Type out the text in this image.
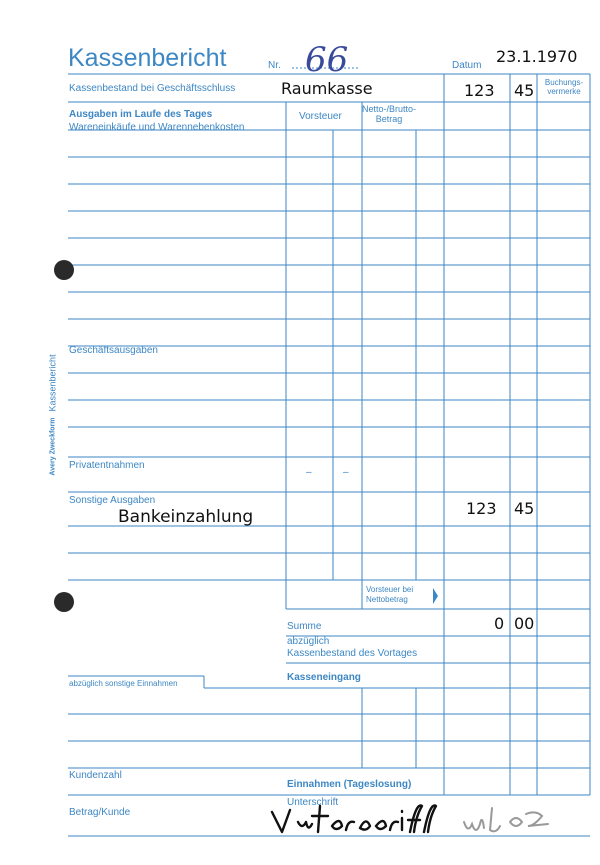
Kassenbericht	Nr. 66	Datum 23.1.1970
Kassenbestand bei Geschäftsschluss	Raumkasse	123 45	Buchungs-
vermerke
Ausgaben im Laufe des Tages
Wareneinkäufe und Warennebenkosten
Vorsteuer
Netto-/Brutto-
Betrag
Geschäftsausgaben
Privatentnahmen
–	–
Sonstige Ausgaben
Bankeinzahlung	123 45
Vorsteuer bei
Nettobetrag
Summe	0 00
abzüglich
Kassenbestand des Vortages
abzüglich sonstige Einnahmen
Kasseneingang
Kundenzahl
Einnahmen (Tageslosung)
Unterschrift
Betrag/Kunde
Avery Zweckform
Kassenbericht
